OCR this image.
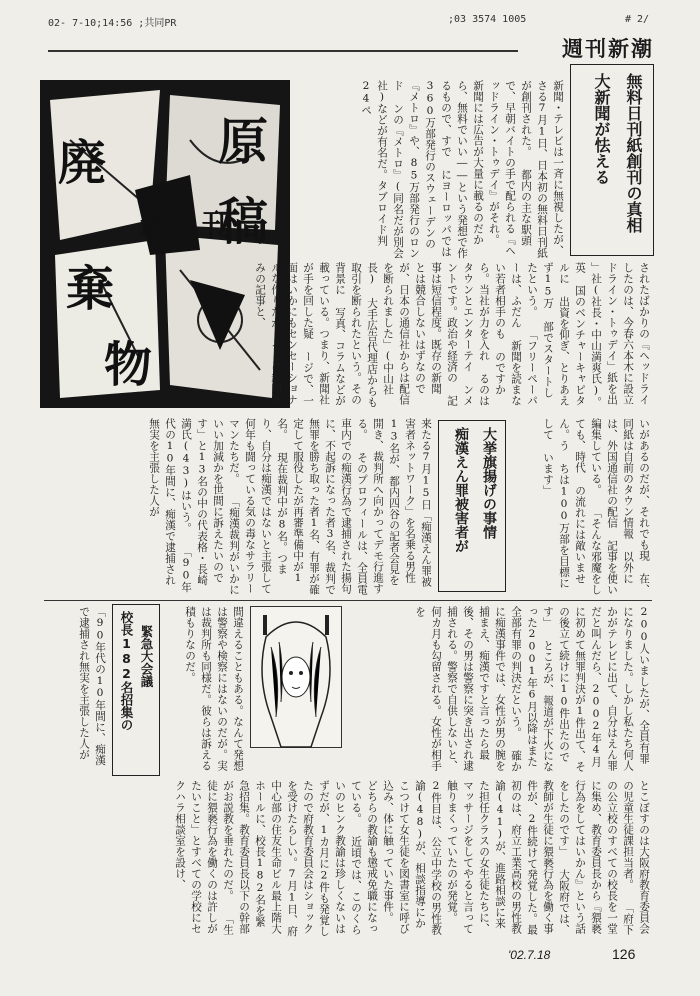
02- 7-10;14:56 ;共同PR	;03 3574 1005	# 2/
週刊新潮
原
稿
廃
棄
物
新 / 刊
大新聞が怯える 無料日刊紙創刊の真相
新聞・テレビは一斉に無視したが、さる7月1日、日本初の無料日刊紙が創刊された。 都内の主な駅頭で、早朝バイトの手で配られる『ヘッドライン・トゥデイ』がそれ。 新聞には広告が大量に載るのだから、無料でいい――という発想で作るもので、すで にヨーロッパでは360万部発行のスウェーデンの『メトロ』や、85万部発行のロンド ンの『メトロ』(同名だが別会社)などが有名だ。タブロイド判24ペ
されたばかりの『ヘッドライ したのは、今春六本木に設立 ドライン・トゥデイ」紙を出 」社(社長・中山満爽氏)。英 国のベンチャーキャピタルに 出資を仰ぎ、とりあえず15万 部でスタートしたという。 「フリーペーパーは、ふだん 新聞を読まない若者相手のも のですから。当社が力を入れ るのはタウンとエンターテイ ンメントです。政治や経済の 記事は短信程度。既存の新聞 とは競合しないはずなので が、日本の通信社からは配信 を断られました」(中山社長) 大手広告代理店からも取引を断られたという。その背景に 写真、コラムなどが載っている。つまり、新聞社が手を回した疑 ージで、一面はいかにもセンセーショナルな作りだが、そこに新聞並みの記事と、
いがあるのだが、それでも現 在、同紙は自前のタウン情報 以外には、外国通信社の配信 記事を使い編集している。 「そんな邪魔をしても、時代 の流れには敵いません。う ちは100万部を目標にして います」
痴漢えん罪被害者が 大挙旗揚げの事情
来たる7月15日「痴漢えん罪被害者ネットワーク」を名乗る男性13名が、都内四谷の記者会見を開き、裁判所へ向かってデモ行進する。 そのプロフィールは、全員電車内での痴漢行為で逮捕された揚句に、不起訴になった者3名、裁判で無罪を勝ち取った者1名、有罪が確定して服役したが再審準備中が1名。 現在裁判中が8名。つまり、自分は痴漢ではないと主張して何年も闘っている気の毒なサラリーマンたちだ。 「痴漢裁判がいかにいい加減かを世間に訴えたいのです」と13名の中の代表格・長崎満氏(43)はいう。 「90年代の10年間に、痴漢で逮捕され無実を主張した人が
200人いましたが、全員有罪になりました。しかし私たち何人かがテレビに出て、自分はえん罪だと叫んだら、2002年4月に初めて無罪判決が1件出て、その後立て続けに10件出たのです」 ところが、報道が下火になった2001年6月以降はまた全部有罪の判決だという。 確かに痴漢事件では、女性が男の腕を捕まえ、痴漢ですと言ったら最後、その男は警察に突き出され逮捕される。警察で自供しないと、何カ月も勾留される。女性が相手を
間違えることもある。なんて発想は警察や検察にはないのだが。実は裁判所も同様だ。彼らは訴える積もりなのだ。
校長182名招集の 緊急大会議
「90年代の10年間に、痴漢で逮捕され無実を主張した人が
とこぼすのは大阪府教育委員会の児童生徒課担当者。 「府下の公立校のすべての校長を一堂に集め、教育委員長から『猥褻行為をしてはいかん』という話をしたのです」 大阪府では、教師が生徒に猥褻行為を働く事件が、2件続けて発覚した。最初のは、府立工業高校の男性教諭(41)が、進路相談に来た担任クラスの女生徒たちに、マッサージをしてやると言って触りまくっていたのが発覚。 2件目は、公立中学校の男性教諭(48)が、相談指導にかこつけて女生徒を図書室に呼び込み、体に触っていた事件。 どちらの教諭も懲戒免職になっている。 近頃では、このくらいのヒンク教諭は珍しくないはずだが、1カ月に2件も発覚したので府教育委員会はショックを受けたらしい。7月1日、府中心部の住友生命ビル最上階大ホールに、校長182名を緊急招集。教育委員長以下の幹部がお説教を垂れたのだ。 「生徒に猥褻行為を働くのは許しがたいこと」とすべての学校にセクハラ相談室を設け、
'02.7.18	126
